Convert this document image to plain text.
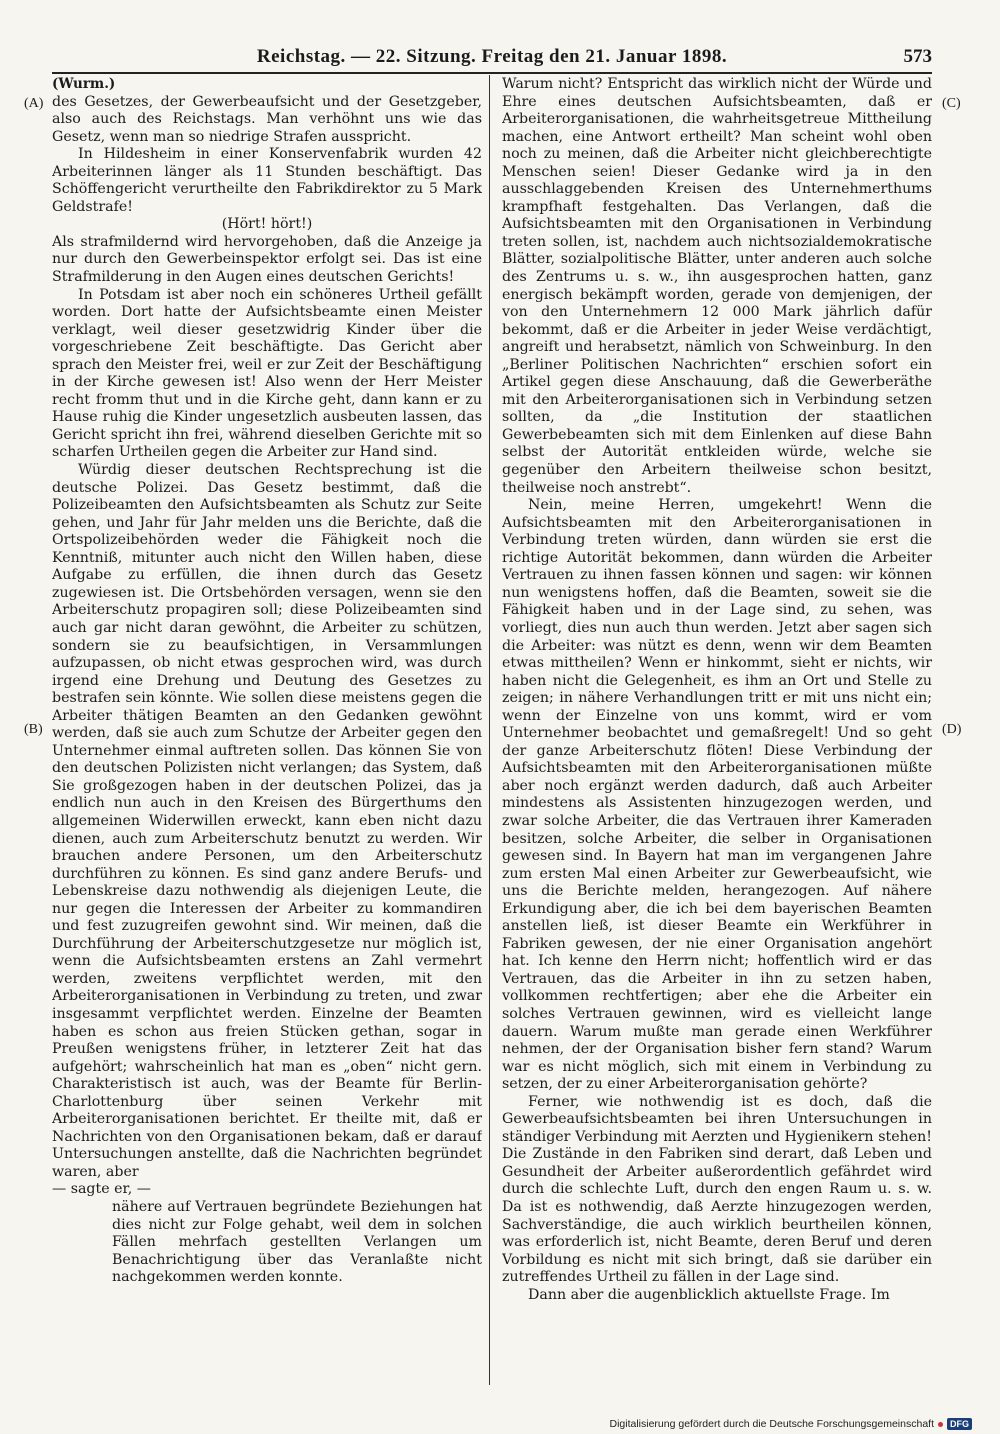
Reichstag. — 22. Sitzung. Freitag den 21. Januar 1898.	573
(A)
(B)
(C)
(D)

(Wurm.)

des Gesetzes, der Gewerbeaufsicht und der Gesetzgeber, also auch des Reichstags. Man verhöhnt uns wie das Gesetz, wenn man so niedrige Strafen ausspricht.

In Hildesheim in einer Konservenfabrik wurden 42 Arbeiterinnen länger als 11 Stunden beschäftigt. Das Schöffengericht verurtheilte den Fabrikdirektor zu 5 Mark Geldstrafe!

(Hört! hört!)

Als strafmildernd wird hervorgehoben, daß die Anzeige ja nur durch den Gewerbeinspektor erfolgt sei. Das ist eine Strafmilderung in den Augen eines deutschen Gerichts!

In Potsdam ist aber noch ein schöneres Urtheil gefällt worden. Dort hatte der Aufsichtsbeamte einen Meister verklagt, weil dieser gesetzwidrig Kinder über die vorgeschriebene Zeit beschäftigte. Das Gericht aber sprach den Meister frei, weil er zur Zeit der Beschäftigung in der Kirche gewesen ist! Also wenn der Herr Meister recht fromm thut und in die Kirche geht, dann kann er zu Hause ruhig die Kinder ungesetzlich ausbeuten lassen, das Gericht spricht ihn frei, während dieselben Gerichte mit so scharfen Urtheilen gegen die Arbeiter zur Hand sind.

Würdig dieser deutschen Rechtsprechung ist die deutsche Polizei. Das Gesetz bestimmt, daß die Polizeibeamten den Aufsichtsbeamten als Schutz zur Seite gehen, und Jahr für Jahr melden uns die Berichte, daß die Ortspolizeibehörden weder die Fähigkeit noch die Kenntniß, mitunter auch nicht den Willen haben, diese Aufgabe zu erfüllen, die ihnen durch das Gesetz zugewiesen ist. Die Ortsbehörden versagen, wenn sie den Arbeiterschutz propagiren soll; diese Polizeibeamten sind auch gar nicht daran gewöhnt, die Arbeiter zu schützen, sondern sie zu beaufsichtigen, in Versammlungen aufzupassen, ob nicht etwas gesprochen wird, was durch irgend eine Drehung und Deutung des Gesetzes zu bestrafen sein könnte. Wie sollen diese meistens gegen die Arbeiter thätigen Beamten an den Gedanken gewöhnt werden, daß sie auch zum Schutze der Arbeiter gegen den Unternehmer einmal auftreten sollen. Das können Sie von den deutschen Polizisten nicht verlangen; das System, daß Sie großgezogen haben in der deutschen Polizei, das ja endlich nun auch in den Kreisen des Bürgerthums den allgemeinen Widerwillen erweckt, kann eben nicht dazu dienen, auch zum Arbeiterschutz benutzt zu werden. Wir brauchen andere Personen, um den Arbeiterschutz durchführen zu können. Es sind ganz andere Berufs- und Lebenskreise dazu nothwendig als diejenigen Leute, die nur gegen die Interessen der Arbeiter zu kommandiren und fest zuzugreifen gewohnt sind. Wir meinen, daß die Durchführung der Arbeiterschutzgesetze nur möglich ist, wenn die Aufsichtsbeamten erstens an Zahl vermehrt werden, zweitens verpflichtet werden, mit den Arbeiterorganisationen in Verbindung zu treten, und zwar insgesammt verpflichtet werden. Einzelne der Beamten haben es schon aus freien Stücken gethan, sogar in Preußen wenigstens früher, in letzterer Zeit hat das aufgehört; wahrscheinlich hat man es „oben“ nicht gern. Charakteristisch ist auch, was der Beamte für Berlin-Charlottenburg über seinen Verkehr mit Arbeiterorganisationen berichtet. Er theilte mit, daß er Nachrichten von den Organisationen bekam, daß er darauf Untersuchungen anstellte, daß die Nachrichten begründet waren, aber

— sagte er, —

nähere auf Vertrauen begründete Beziehungen hat dies nicht zur Folge gehabt, weil dem in solchen Fällen mehrfach gestellten Verlangen um Benachrichtigung über das Veranlaßte nicht nachgekommen werden konnte.

Warum nicht? Entspricht das wirklich nicht der Würde und Ehre eines deutschen Aufsichtsbeamten, daß er Arbeiterorganisationen, die wahrheitsgetreue Mittheilung machen, eine Antwort ertheilt? Man scheint wohl oben noch zu meinen, daß die Arbeiter nicht gleichberechtigte Menschen seien! Dieser Gedanke wird ja in den ausschlaggebenden Kreisen des Unternehmerthums krampfhaft festgehalten. Das Verlangen, daß die Aufsichtsbeamten mit den Organisationen in Verbindung treten sollen, ist, nachdem auch nichtsozialdemokratische Blätter, sozialpolitische Blätter, unter anderen auch solche des Zentrums u. s. w., ihn ausgesprochen hatten, ganz energisch bekämpft worden, gerade von demjenigen, der von den Unternehmern 12 000 Mark jährlich dafür bekommt, daß er die Arbeiter in jeder Weise verdächtigt, angreift und herabsetzt, nämlich von Schweinburg. In den „Berliner Politischen Nachrichten“ erschien sofort ein Artikel gegen diese Anschauung, daß die Gewerberäthe mit den Arbeiterorganisationen sich in Verbindung setzen sollten, da „die Institution der staatlichen Gewerbebeamten sich mit dem Einlenken auf diese Bahn selbst der Autorität entkleiden würde, welche sie gegenüber den Arbeitern theilweise schon besitzt, theilweise noch anstrebt“.

Nein, meine Herren, umgekehrt! Wenn die Aufsichtsbeamten mit den Arbeiterorganisationen in Verbindung treten würden, dann würden sie erst die richtige Autorität bekommen, dann würden die Arbeiter Vertrauen zu ihnen fassen können und sagen: wir können nun wenigstens hoffen, daß die Beamten, soweit sie die Fähigkeit haben und in der Lage sind, zu sehen, was vorliegt, dies nun auch thun werden. Jetzt aber sagen sich die Arbeiter: was nützt es denn, wenn wir dem Beamten etwas mittheilen? Wenn er hinkommt, sieht er nichts, wir haben nicht die Gelegenheit, es ihm an Ort und Stelle zu zeigen; in nähere Verhandlungen tritt er mit uns nicht ein; wenn der Einzelne von uns kommt, wird er vom Unternehmer beobachtet und gemaßregelt! Und so geht der ganze Arbeiterschutz flöten! Diese Verbindung der Aufsichtsbeamten mit den Arbeiterorganisationen müßte aber noch ergänzt werden dadurch, daß auch Arbeiter mindestens als Assistenten hinzugezogen werden, und zwar solche Arbeiter, die das Vertrauen ihrer Kameraden besitzen, solche Arbeiter, die selber in Organisationen gewesen sind. In Bayern hat man im vergangenen Jahre zum ersten Mal einen Arbeiter zur Gewerbeaufsicht, wie uns die Berichte melden, herangezogen. Auf nähere Erkundigung aber, die ich bei dem bayerischen Beamten anstellen ließ, ist dieser Beamte ein Werkführer in Fabriken gewesen, der nie einer Organisation angehört hat. Ich kenne den Herrn nicht; hoffentlich wird er das Vertrauen, das die Arbeiter in ihn zu setzen haben, vollkommen rechtfertigen; aber ehe die Arbeiter ein solches Vertrauen gewinnen, wird es vielleicht lange dauern. Warum mußte man gerade einen Werkführer nehmen, der der Organisation bisher fern stand? Warum war es nicht möglich, sich mit einem in Verbindung zu setzen, der zu einer Arbeiterorganisation gehörte?

Ferner, wie nothwendig ist es doch, daß die Gewerbeaufsichtsbeamten bei ihren Untersuchungen in ständiger Verbindung mit Aerzten und Hygienikern stehen! Die Zustände in den Fabriken sind derart, daß Leben und Gesundheit der Arbeiter außerordentlich gefährdet wird durch die schlechte Luft, durch den engen Raum u. s. w. Da ist es nothwendig, daß Aerzte hinzugezogen werden, Sachverständige, die auch wirklich beurtheilen können, was erforderlich ist, nicht Beamte, deren Beruf und deren Vorbildung es nicht mit sich bringt, daß sie darüber ein zutreffendes Urtheil zu fällen in der Lage sind.

Dann aber die augenblicklich aktuellste Frage. Im

Digitalisierung gefördert durch die Deutsche Forschungsgemeinschaft	DFG
